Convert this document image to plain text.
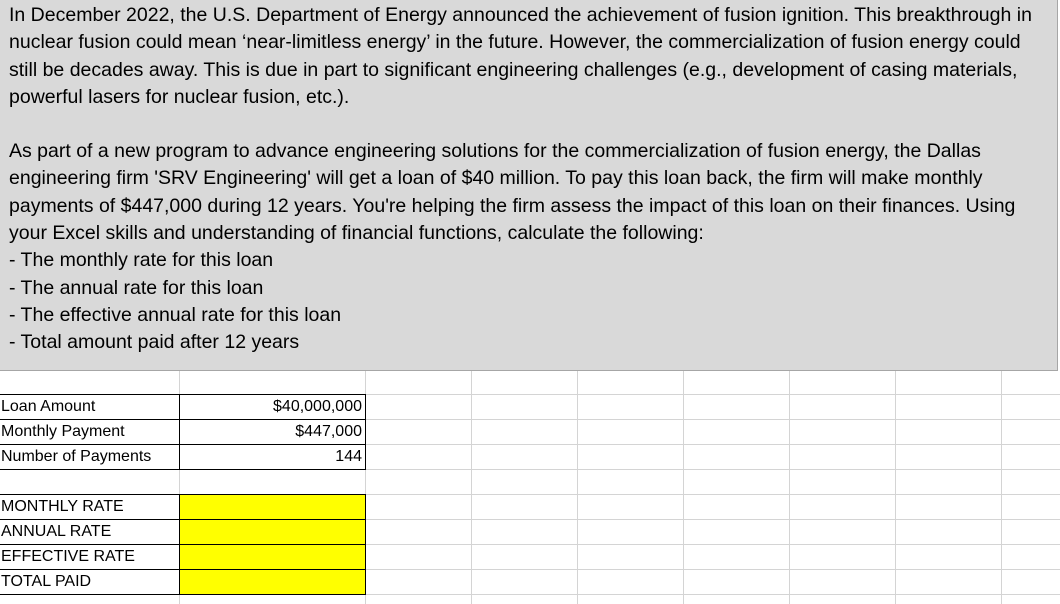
In December 2022, the U.S. Department of Energy announced the achievement of fusion ignition. This breakthrough in nuclear fusion could mean ‘near-limitless energy’ in the future. However, the commercialization of fusion energy could still be decades away. This is due in part to significant engineering challenges (e.g., development of casing materials, powerful lasers for nuclear fusion, etc.).

As part of a new program to advance engineering solutions for the commercialization of fusion energy, the Dallas engineering firm 'SRV Engineering' will get a loan of $40 million. To pay this loan back, the firm will make monthly payments of $447,000 during 12 years. You're helping the firm assess the impact of this loan on their finances. Using your Excel skills and understanding of financial functions, calculate the following:

- The monthly rate for this loan

- The annual rate for this loan

- The effective annual rate for this loan

- Total amount paid after 12 years

Loan Amount	$40,000,000
Monthly Payment	$447,000
Number of Payments	144
MONTHLY RATE
ANNUAL RATE
EFFECTIVE RATE
TOTAL PAID
